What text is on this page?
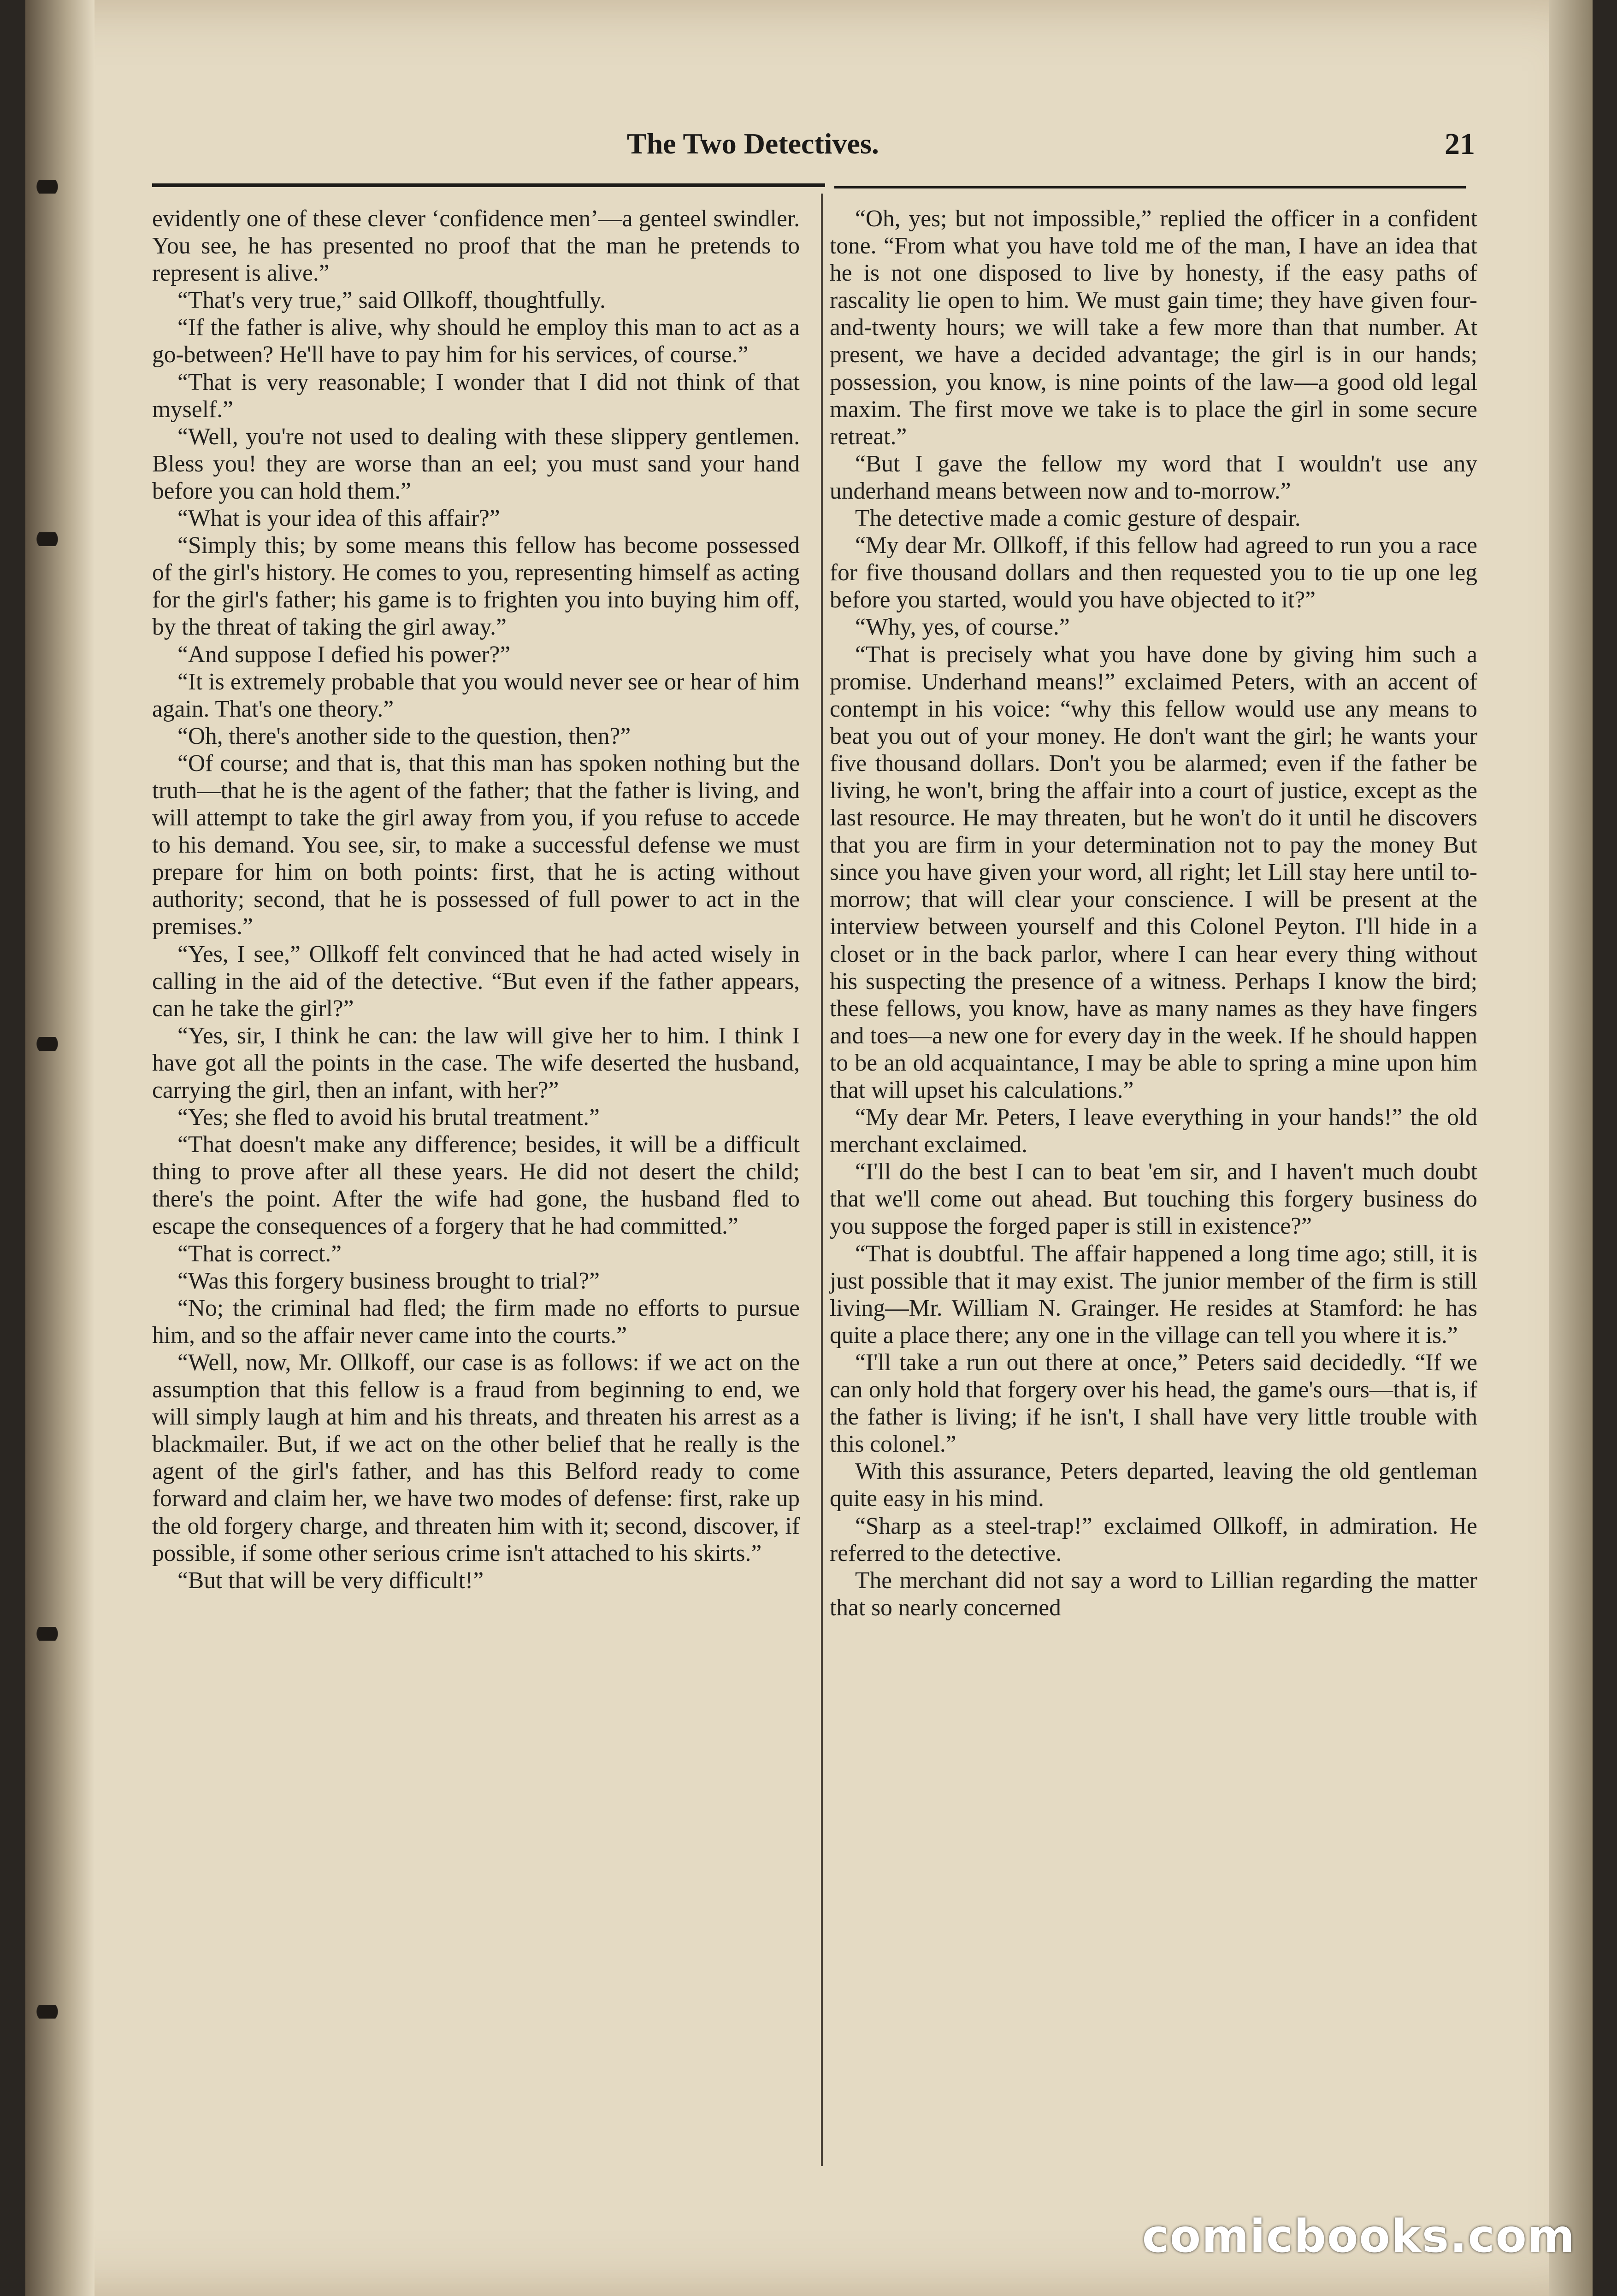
The Two Detectives.	21

evidently one of these clever ‘confidence men’—a genteel swindler. You see, he has presented no proof that the man he pretends to represent is alive.”

“That's very true,” said Ollkoff, thoughtfully.

“If the father is alive, why should he employ this man to act as a go-between? He'll have to pay him for his services, of course.”

“That is very reasonable; I wonder that I did not think of that myself.”

“Well, you're not used to dealing with these slippery gentlemen. Bless you! they are worse than an eel; you must sand your hand before you can hold them.”

“What is your idea of this affair?”

“Simply this; by some means this fellow has become possessed of the girl's history. He comes to you, representing himself as acting for the girl's father; his game is to frighten you into buying him off, by the threat of taking the girl away.”

“And suppose I defied his power?”

“It is extremely probable that you would never see or hear of him again. That's one theory.”

“Oh, there's another side to the question, then?”

“Of course; and that is, that this man has spoken nothing but the truth—that he is the agent of the father; that the father is living, and will attempt to take the girl away from you, if you refuse to accede to his demand. You see, sir, to make a successful defense we must prepare for him on both points: first, that he is acting without authority; second, that he is possessed of full power to act in the premises.”

“Yes, I see,” Ollkoff felt convinced that he had acted wisely in calling in the aid of the detective. “But even if the father appears, can he take the girl?”

“Yes, sir, I think he can: the law will give her to him. I think I have got all the points in the case. The wife deserted the husband, carrying the girl, then an infant, with her?”

“Yes; she fled to avoid his brutal treatment.”

“That doesn't make any difference; besides, it will be a difficult thing to prove after all these years. He did not desert the child; there's the point. After the wife had gone, the husband fled to escape the consequences of a forgery that he had committed.”

“That is correct.”

“Was this forgery business brought to trial?”

“No; the criminal had fled; the firm made no efforts to pursue him, and so the affair never came into the courts.”

“Well, now, Mr. Ollkoff, our case is as follows: if we act on the assumption that this fellow is a fraud from beginning to end, we will simply laugh at him and his threats, and threaten his arrest as a blackmailer. But, if we act on the other belief that he really is the agent of the girl's father, and has this Belford ready to come forward and claim her, we have two modes of defense: first, rake up the old forgery charge, and threaten him with it; second, discover, if possible, if some other serious crime isn't attached to his skirts.”

“But that will be very difficult!”

“Oh, yes; but not impossible,” replied the officer in a confident tone. “From what you have told me of the man, I have an idea that he is not one disposed to live by honesty, if the easy paths of rascality lie open to him. We must gain time; they have given four-and-twenty hours; we will take a few more than that number. At present, we have a decided advantage; the girl is in our hands; possession, you know, is nine points of the law—a good old legal maxim. The first move we take is to place the girl in some secure retreat.”

“But I gave the fellow my word that I wouldn't use any underhand means between now and to-morrow.”

The detective made a comic gesture of despair.

“My dear Mr. Ollkoff, if this fellow had agreed to run you a race for five thousand dollars and then requested you to tie up one leg before you started, would you have objected to it?”

“Why, yes, of course.”

“That is precisely what you have done by giving him such a promise. Underhand means!” exclaimed Peters, with an accent of contempt in his voice: “why this fellow would use any means to beat you out of your money. He don't want the girl; he wants your five thousand dollars. Don't you be alarmed; even if the father be living, he won't, bring the affair into a court of justice, except as the last resource. He may threaten, but he won't do it until he discovers that you are firm in your determination not to pay the money But since you have given your word, all right; let Lill stay here until to-morrow; that will clear your conscience. I will be present at the interview between yourself and this Colonel Peyton. I'll hide in a closet or in the back parlor, where I can hear every thing without his suspecting the presence of a witness. Perhaps I know the bird; these fellows, you know, have as many names as they have fingers and toes—a new one for every day in the week. If he should happen to be an old acquaintance, I may be able to spring a mine upon him that will upset his calculations.”

“My dear Mr. Peters, I leave everything in your hands!” the old merchant exclaimed.

“I'll do the best I can to beat 'em sir, and I haven't much doubt that we'll come out ahead. But touching this forgery business do you suppose the forged paper is still in existence?”

“That is doubtful. The affair happened a long time ago; still, it is just possible that it may exist. The junior member of the firm is still living—Mr. William N. Grainger. He resides at Stamford: he has quite a place there; any one in the village can tell you where it is.”

“I'll take a run out there at once,” Peters said decidedly. “If we can only hold that forgery over his head, the game's ours—that is, if the father is living; if he isn't, I shall have very little trouble with this colonel.”

With this assurance, Peters departed, leaving the old gentleman quite easy in his mind.

“Sharp as a steel-trap!” exclaimed Ollkoff, in admiration. He referred to the detective.

The merchant did not say a word to Lillian regarding the matter that so nearly concerned

comicbooks.com
